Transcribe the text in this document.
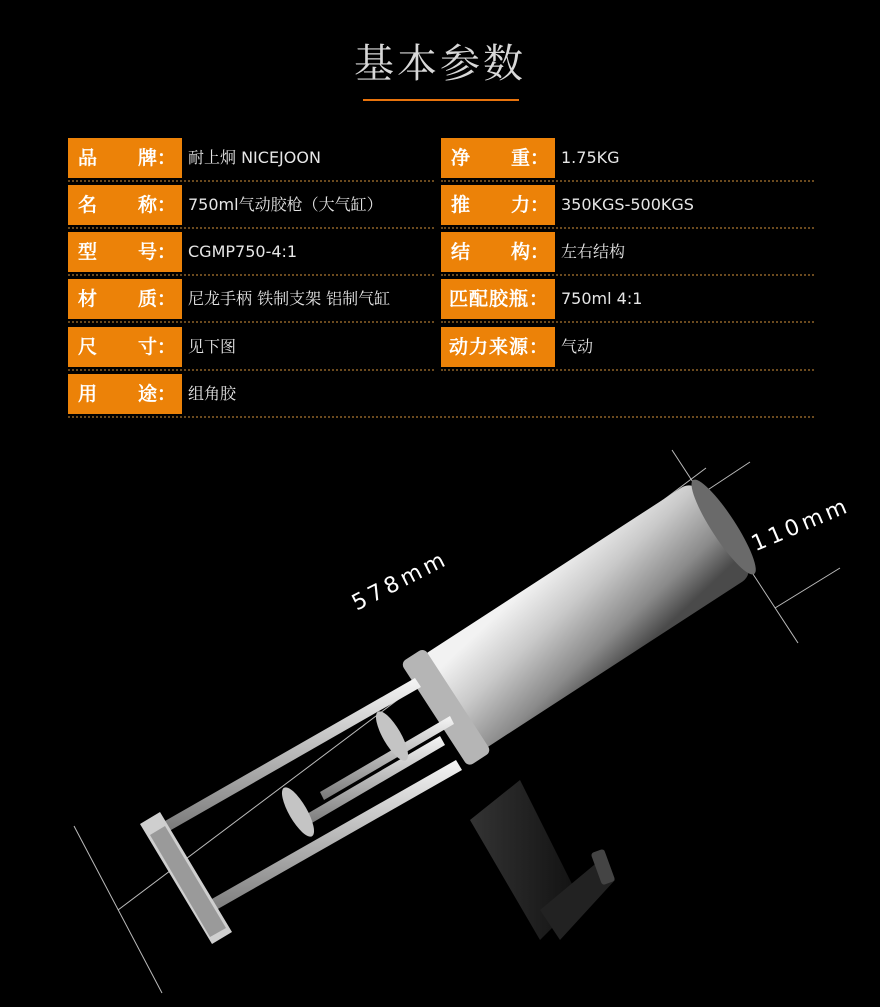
基本参数
品 牌： 耐上炯 NICEJOON
名 称： 750ml气动胶枪（大气缸）
型 号： CGMP750-4:1
材 质： 尼龙手柄 铁制支架 铝制气缸
尺 寸： 见下图
用 途： 组角胶
净 重： 1.75KG
推 力： 350KGS-500KGS
结 构： 左右结构
匹配胶瓶： 750ml 4:1
动力来源： 气动
578mm
110mm
